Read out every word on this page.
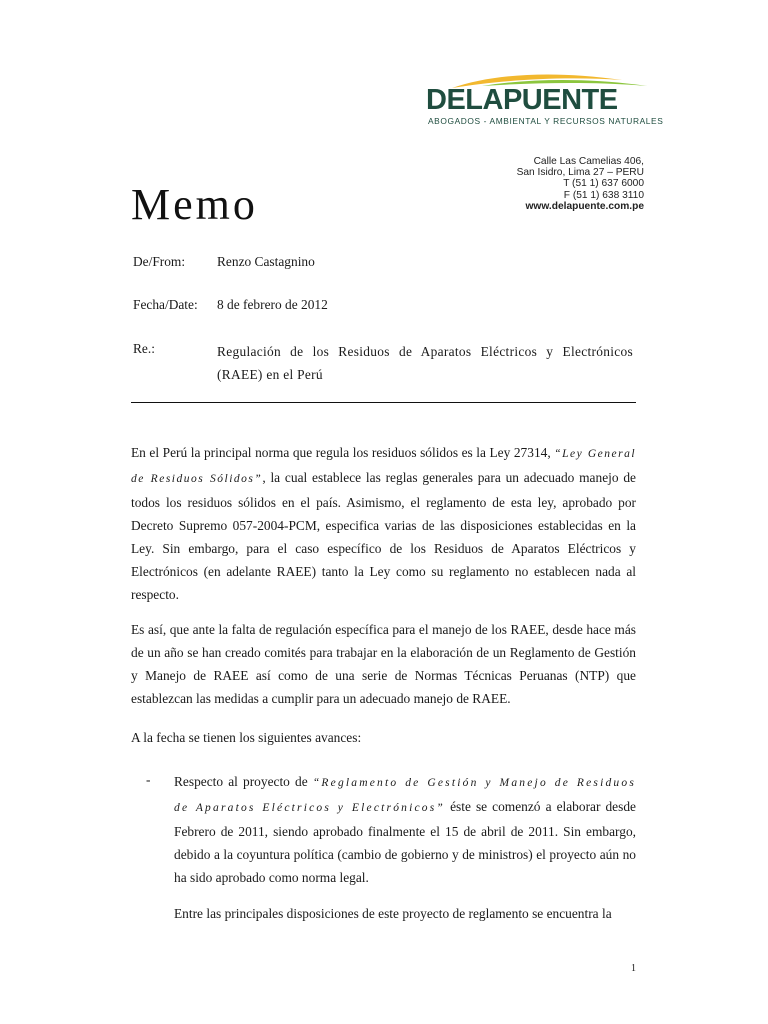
DELAPUENTE
ABOGADOS - AMBIENTAL Y RECURSOS NATURALES
Calle Las Camelias 406,
San Isidro, Lima 27 – PERU
T (51 1) 637 6000
F (51 1) 638 3110
www.delapuente.com.pe
Memo
De/From: Renzo Castagnino
Fecha/Date: 8 de febrero de 2012
Re.:	Regulación de los Residuos de Aparatos Eléctricos y Electrónicos (RAEE) en el Perú
En el Perú la principal norma que regula los residuos sólidos es la Ley 27314, “Ley General de Residuos Sólidos”, la cual establece las reglas generales para un adecuado manejo de todos los residuos sólidos en el país. Asimismo, el reglamento de esta ley, aprobado por Decreto Supremo 057-2004-PCM, especifica varias de las disposiciones establecidas en la Ley. Sin embargo, para el caso específico de los Residuos de Aparatos Eléctricos y Electrónicos (en adelante RAEE) tanto la Ley como su reglamento no establecen nada al respecto.
Es así, que ante la falta de regulación específica para el manejo de los RAEE, desde hace más de un año se han creado comités para trabajar en la elaboración de un Reglamento de Gestión y Manejo de RAEE así como de una serie de Normas Técnicas Peruanas (NTP) que establezcan las medidas a cumplir para un adecuado manejo de RAEE.
A la fecha se tienen los siguientes avances:
- Respecto al proyecto de “Reglamento de Gestión y Manejo de Residuos de Aparatos Eléctricos y Electrónicos” éste se comenzó a elaborar desde Febrero de 2011, siendo aprobado finalmente el 15 de abril de 2011. Sin embargo, debido a la coyuntura política (cambio de gobierno y de ministros) el proyecto aún no ha sido aprobado como norma legal.
Entre las principales disposiciones de este proyecto de reglamento se encuentra la
1
